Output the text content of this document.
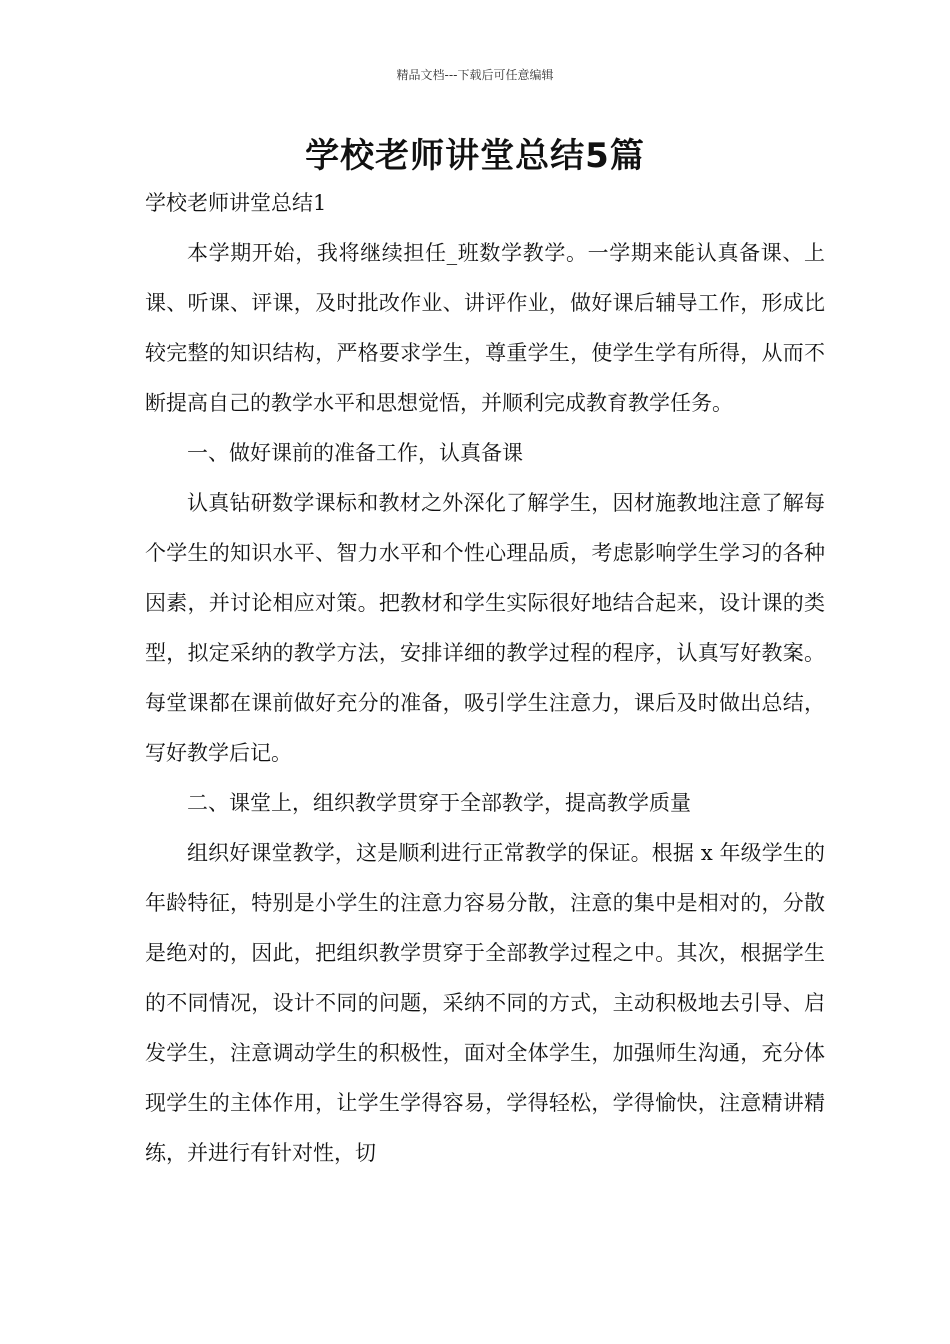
精品文档---下载后可任意编辑
学校老师讲堂总结5篇

学校老师讲堂总结1

本学期开始，我将继续担任_班数学教学。一学期来能认真备课、上课、听课、评课，及时批改作业、讲评作业，做好课后辅导工作，形成比较完整的知识结构，严格要求学生，尊重学生，使学生学有所得，从而不断提高自己的教学水平和思想觉悟，并顺利完成教育教学任务。

一、做好课前的准备工作，认真备课

认真钻研数学课标和教材之外深化了解学生，因材施教地注意了解每个学生的知识水平、智力水平和个性心理品质，考虑影响学生学习的各种因素，并讨论相应对策。把教材和学生实际很好地结合起来，设计课的类型，拟定采纳的教学方法，安排详细的教学过程的程序，认真写好教案。每堂课都在课前做好充分的准备，吸引学生注意力，课后及时做出总结，写好教学后记。

二、课堂上，组织教学贯穿于全部教学，提高教学质量

组织好课堂教学，这是顺利进行正常教学的保证。根据 x 年级学生的年龄特征，特别是小学生的注意力容易分散，注意的集中是相对的，分散是绝对的，因此，把组织教学贯穿于全部教学过程之中。其次，根据学生的不同情况，设计不同的问题，采纳不同的方式，主动积极地去引导、启发学生，注意调动学生的积极性，面对全体学生，加强师生沟通，充分体现学生的主体作用，让学生学得容易，学得轻松，学得愉快，注意精讲精练，并进行有针对性，切
